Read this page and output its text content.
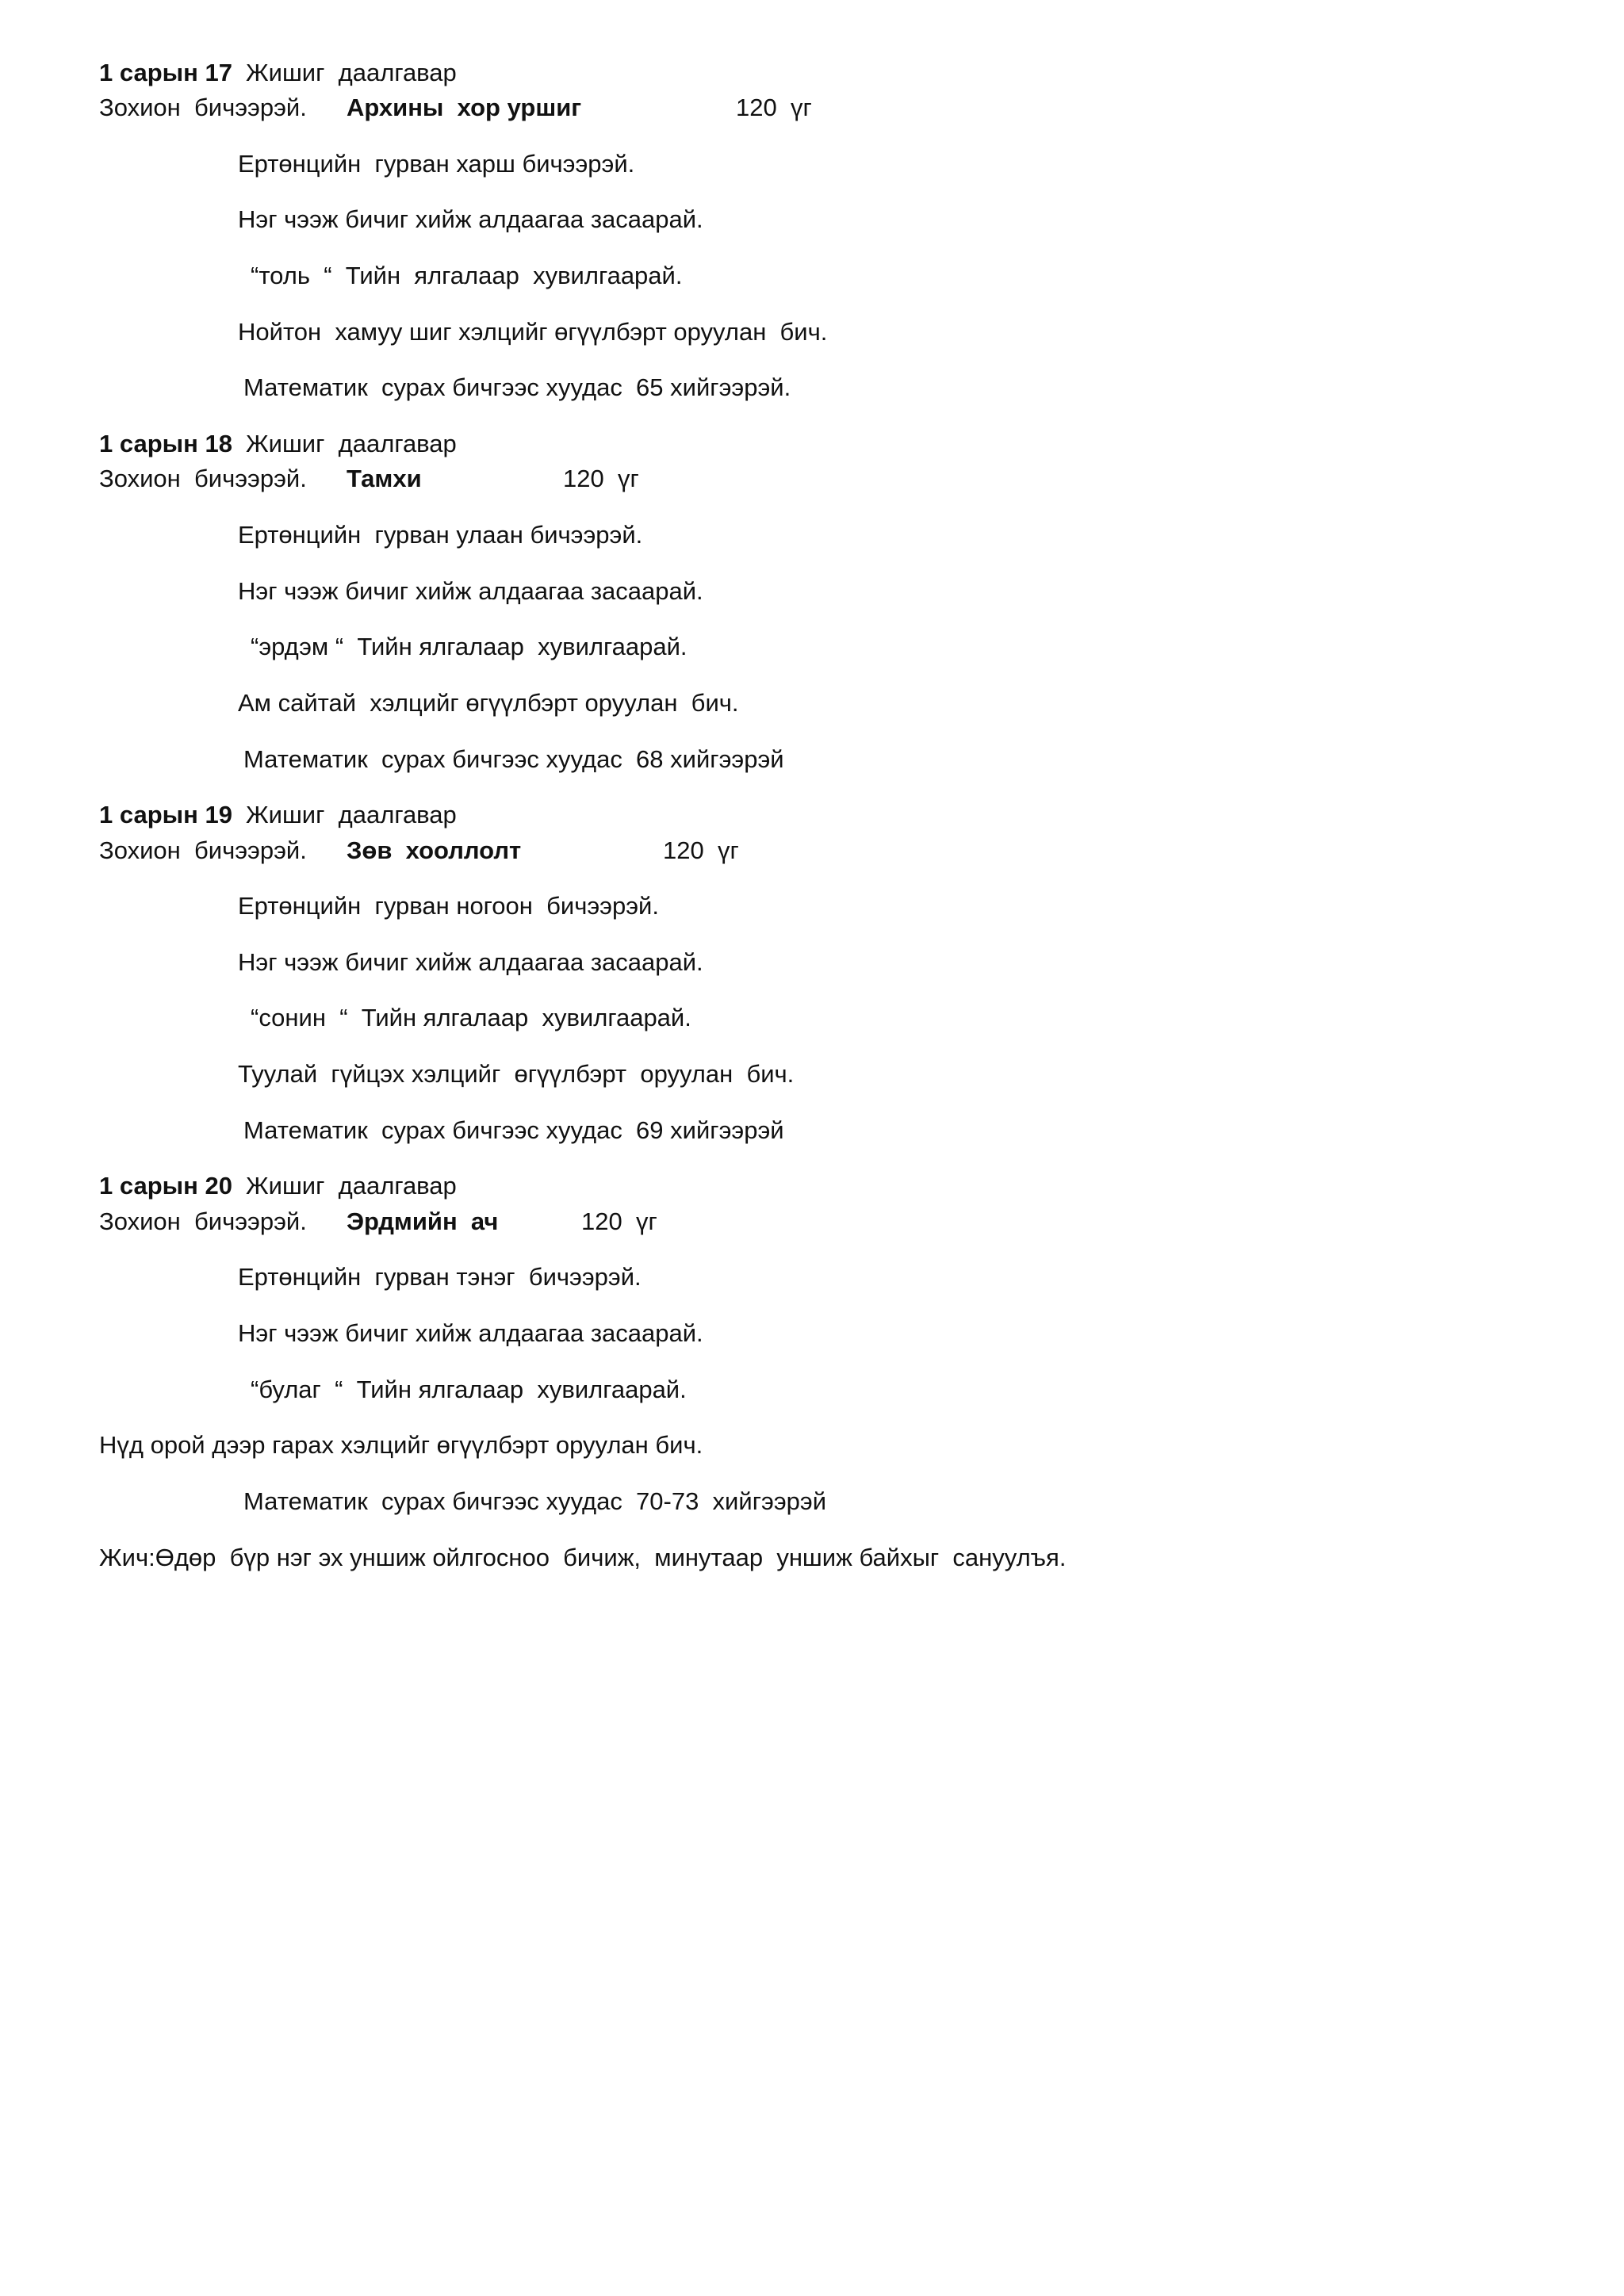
1 сарын 17

Жишиг  даалгавар

Зохион  бичээрэй.

Архины  хор уршиг

	120  үг

Ертөнцийн  гурван харш бичээрэй.
Нэг чээж бичиг хийж алдаагаа засаарай.
“толь  “  Тийн  ялгалаар  хувилгаарай.
Нойтон  хамуу шиг хэлцийг өгүүлбэрт оруулан  бич.
Математик  сурах бичгээс хуудас  65 хийгээрэй.

1 сарын 18

Жишиг  даалгавар

Зохион  бичээрэй.

Тамхи

	120  үг

Ертөнцийн  гурван улаан бичээрэй.
Нэг чээж бичиг хийж алдаагаа засаарай.
“эрдэм “  Тийн ялгалаар  хувилгаарай.
Ам сайтай  хэлцийг өгүүлбэрт оруулан  бич.
Математик  сурах бичгээс хуудас  68 хийгээрэй

1 сарын 19

Жишиг  даалгавар

Зохион  бичээрэй.

Зөв  хооллолт

	120  үг

Ертөнцийн  гурван ногоон  бичээрэй.
Нэг чээж бичиг хийж алдаагаа засаарай.
“сонин  “  Тийн ялгалаар  хувилгаарай.
Туулай  гүйцэх хэлцийг  өгүүлбэрт  оруулан  бич.
Математик  сурах бичгээс хуудас  69 хийгээрэй

1 сарын 20

Жишиг  даалгавар

Зохион  бичээрэй.

Эрдмийн  ач

	120  үг

Ертөнцийн  гурван тэнэг  бичээрэй.
Нэг чээж бичиг хийж алдаагаа засаарай.
“булаг  “  Тийн ялгалаар  хувилгаарай.
Нүд орой дээр гарах хэлцийг өгүүлбэрт оруулан бич.
Математик  сурах бичгээс хуудас  70-73  хийгээрэй

Жич:Өдөр  бүр нэг эх уншиж ойлгосноо  бичиж,  минутаар  уншиж байхыг  сануулъя.
